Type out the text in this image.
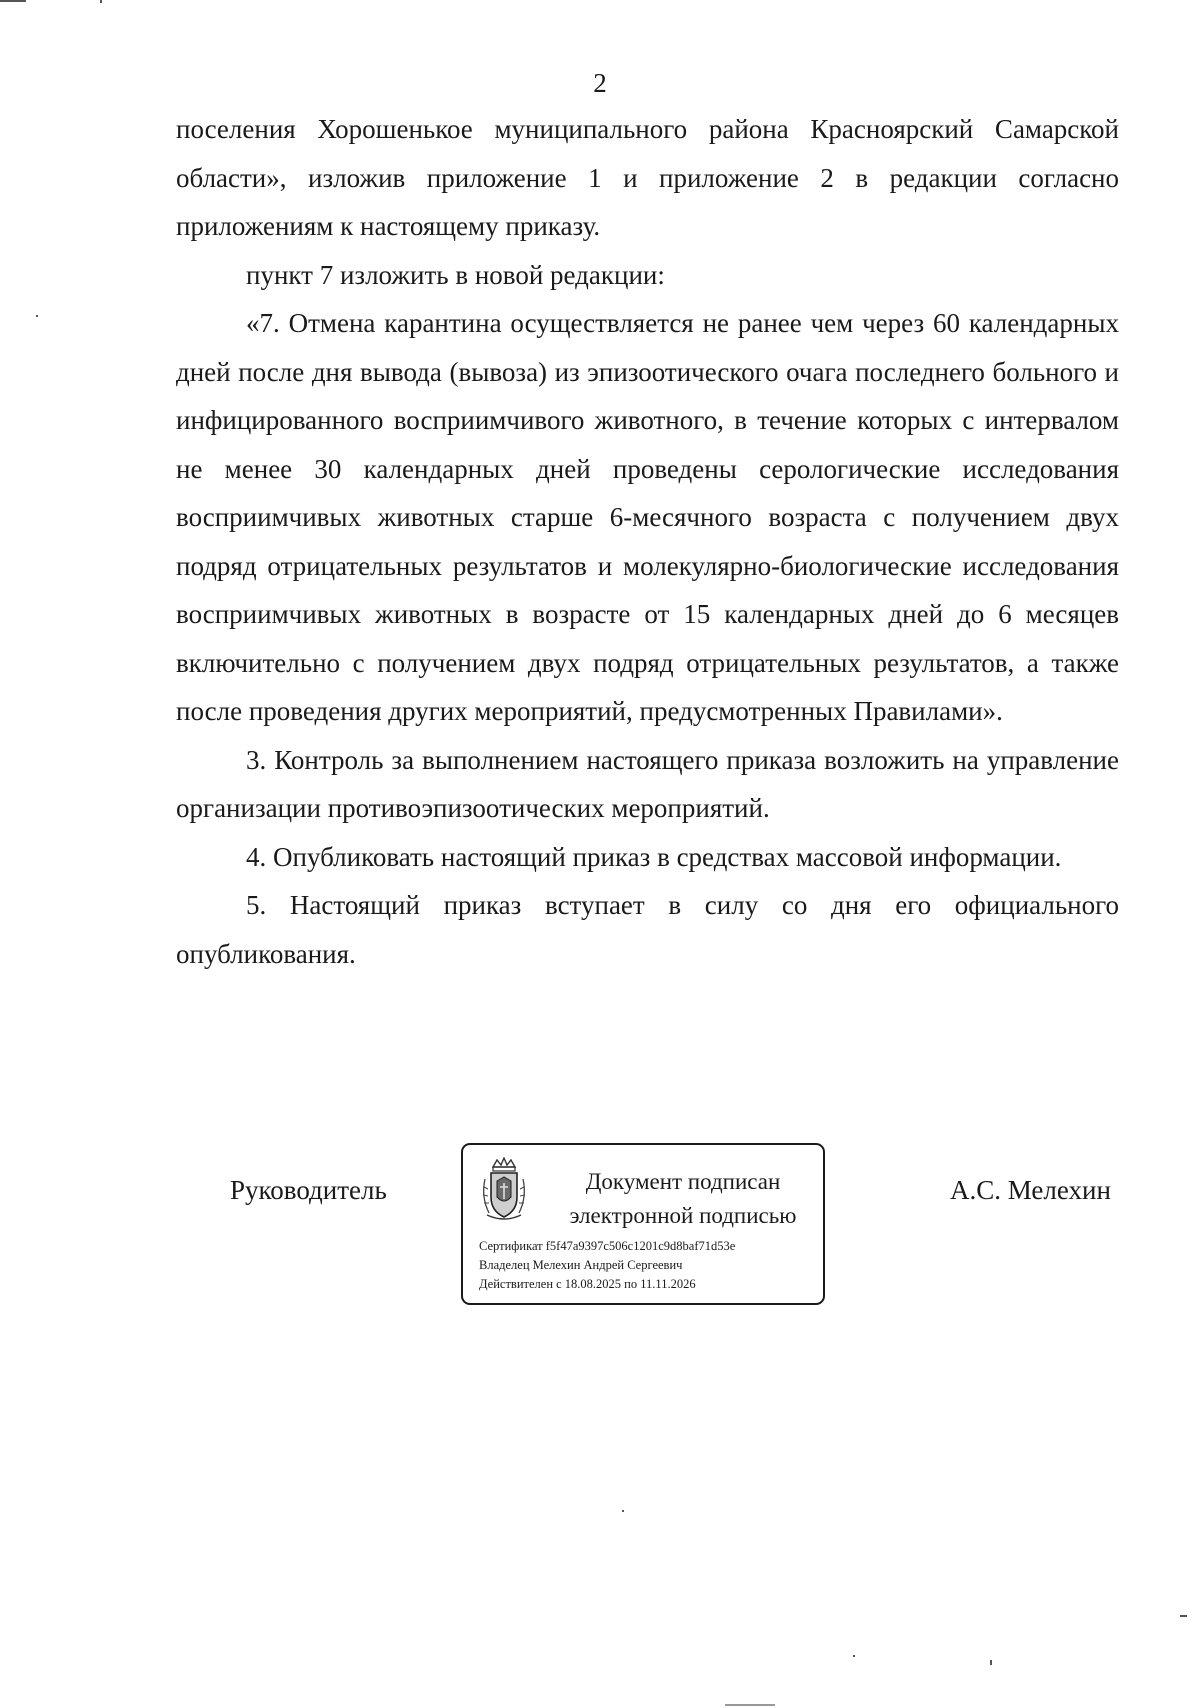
2

поселения Хорошенькое муниципального района Красноярский Самарской области», изложив приложение 1 и приложение 2 в редакции согласно приложениям к настоящему приказу.

пункт 7 изложить в новой редакции:

«7. Отмена карантина осуществляется не ранее чем через 60 календарных дней после дня вывода (вывоза) из эпизоотического очага последнего больного и инфицированного восприимчивого животного, в течение которых с интервалом не менее 30 календарных дней проведены серологические исследования восприимчивых животных старше 6-месячного возраста с получением двух подряд отрицательных результатов и молекулярно-биологические исследования восприимчивых животных в возрасте от 15 календарных дней до 6 месяцев включительно с получением двух подряд отрицательных результатов, а также после проведения других мероприятий, предусмотренных Правилами».

3. Контроль за выполнением настоящего приказа возложить на управление организации противоэпизоотических мероприятий.

4. Опубликовать настоящий приказ в средствах массовой информации.

5. Настоящий приказ вступает в силу со дня его официального опубликования.

Руководитель	Документ подписан
электронной подписью
Сертификат f5f47a9397c506c1201c9d8baf71d53e
Владелец Мелехин Андрей Сергеевич
Действителен с 18.08.2025 по 11.11.2026
А.С. Мелехин
